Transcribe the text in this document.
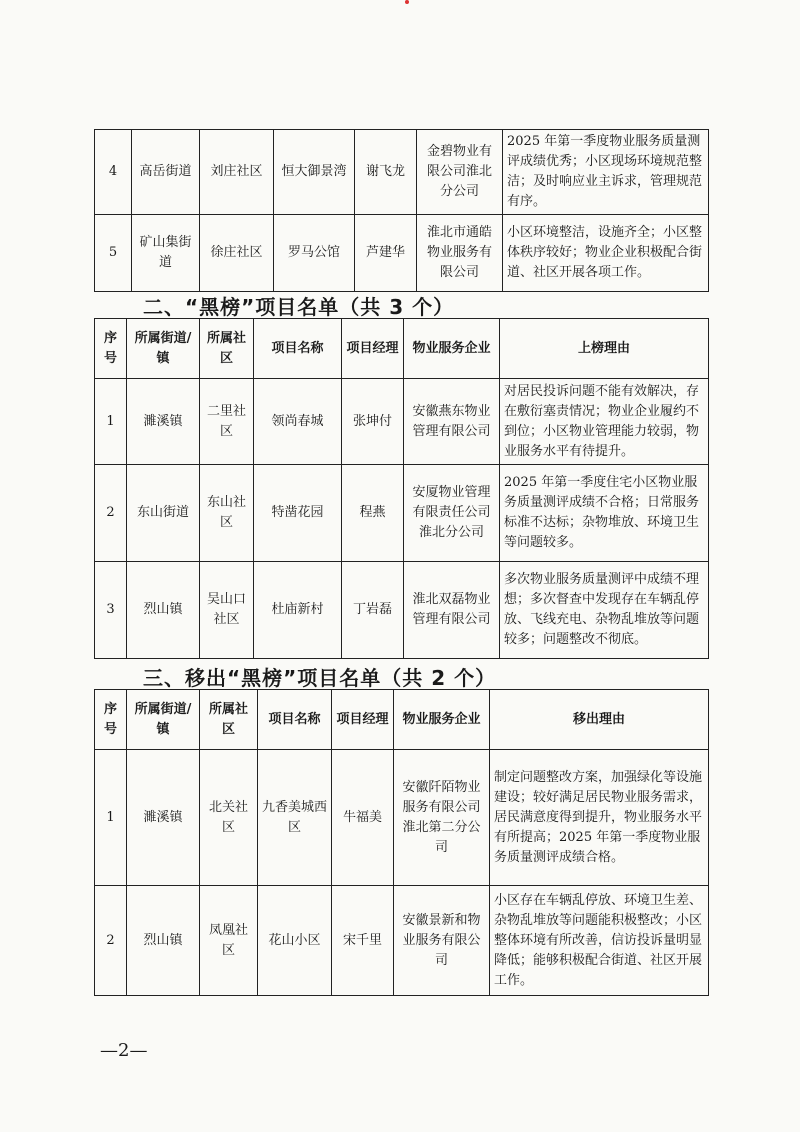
4	高岳街道	刘庄社区	恒大御景湾	谢飞龙	金碧物业有限公司淮北分公司	2025 年第一季度物业服务质量测评成绩优秀；小区现场环境规范整洁；及时响应业主诉求，管理规范有序。
5	矿山集街道	徐庄社区	罗马公馆	芦建华	淮北市通皓物业服务有限公司	小区环境整洁，设施齐全；小区整体秩序较好；物业企业积极配合街道、社区开展各项工作。
二、“黑榜”项目名单（共 3 个）
序号	所属街道/镇	所属社区	项目名称	项目经理	物业服务企业	上榜理由
1	濉溪镇	二里社区	领尚春城	张坤付	安徽燕东物业管理有限公司	对居民投诉问题不能有效解决，存在敷衍塞责情况；物业企业履约不到位；小区物业管理能力较弱，物业服务水平有待提升。
2	东山街道	东山社区	特凿花园	程燕	安厦物业管理有限责任公司淮北分公司	2025 年第一季度住宅小区物业服务质量测评成绩不合格；日常服务标准不达标；杂物堆放、环境卫生等问题较多。
3	烈山镇	吴山口社区	杜庙新村	丁岩磊	淮北双磊物业管理有限公司	多次物业服务质量测评中成绩不理想；多次督查中发现存在车辆乱停放、飞线充电、杂物乱堆放等问题较多；问题整改不彻底。
三、移出“黑榜”项目名单（共 2 个）
序号	所属街道/镇	所属社区	项目名称	项目经理	物业服务企业	移出理由
1	濉溪镇	北关社区	九香美城西区	牛福美	安徽阡陌物业服务有限公司淮北第二分公司	制定问题整改方案，加强绿化等设施建设；较好满足居民物业服务需求，居民满意度得到提升，物业服务水平有所提高；2025 年第一季度物业服务质量测评成绩合格。
2	烈山镇	凤凰社区	花山小区	宋千里	安徽景新和物业服务有限公司	小区存在车辆乱停放、环境卫生差、杂物乱堆放等问题能积极整改；小区整体环境有所改善，信访投诉量明显降低；能够积极配合街道、社区开展工作。
—2—
